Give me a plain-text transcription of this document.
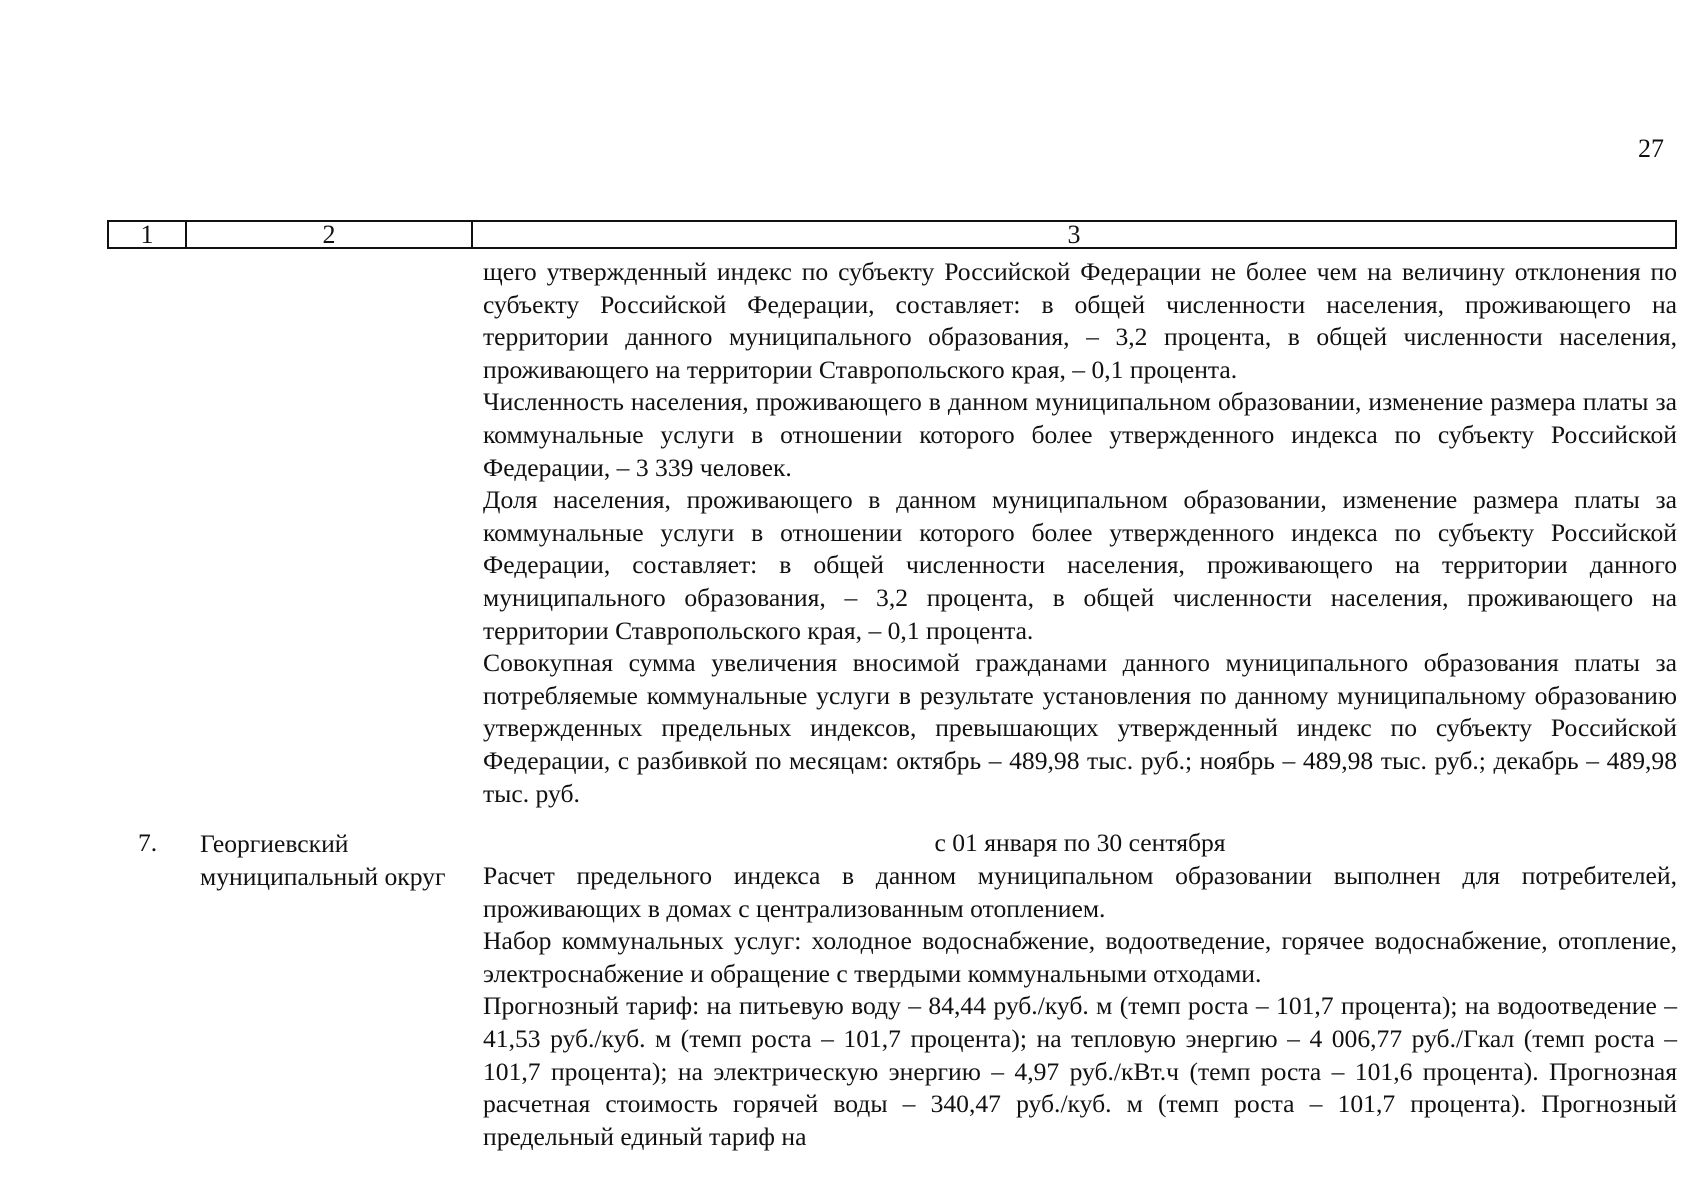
27
1	2	3

щего утвержденный индекс по субъекту Российской Федерации не более чем на величину отклонения по субъекту Российской Федерации, составляет: в общей численности населения, проживающего на территории данного муниципального образования, – 3,2 процента, в общей численности населения, проживающего на территории Ставропольского края, – 0,1 процента.

Численность населения, проживающего в данном муниципальном образовании, изменение размера платы за коммунальные услуги в отношении которого более утвержденного индекса по субъекту Российской Федерации, – 3 339 человек.

Доля населения, проживающего в данном муниципальном образовании, изменение размера платы за коммунальные услуги в отношении которого более утвержденного индекса по субъекту Российской Федерации, составляет: в общей численности населения, проживающего на территории данного муниципального образования, – 3,2 процента, в общей численности населения, проживающего на территории Ставропольского края, – 0,1 процента.

Совокупная сумма увеличения вносимой гражданами данного муниципального образования платы за потребляемые коммунальные услуги в результате установления по данному муниципальному образованию утвержденных предельных индексов, превышающих утвержденный индекс по субъекту Российской Федерации, с разбивкой по месяцам: октябрь – 489,98 тыс. руб.; ноябрь – 489,98 тыс. руб.; декабрь – 489,98 тыс. руб.

7. Георгиевский муниципальный округ
с 01 января по 30 сентября

Расчет предельного индекса в данном муниципальном образовании выполнен для потребителей, проживающих в домах с централизованным отоплением.

Набор коммунальных услуг: холодное водоснабжение, водоотведение, горячее водоснабжение, отопление, электроснабжение и обращение с твердыми коммунальными отходами.

Прогнозный тариф: на питьевую воду – 84,44 руб./куб. м (темп роста – 101,7 процента); на водоотведение – 41,53 руб./куб. м (темп роста – 101,7 процента); на тепловую энергию – 4 006,77 руб./Гкал (темп роста – 101,7 процента); на электрическую энергию – 4,97 руб./кВт.ч (темп роста – 101,6 процента). Прогнозная расчетная стоимость горячей воды – 340,47 руб./куб. м (темп роста – 101,7 процента). Прогнозный предельный единый тариф на
